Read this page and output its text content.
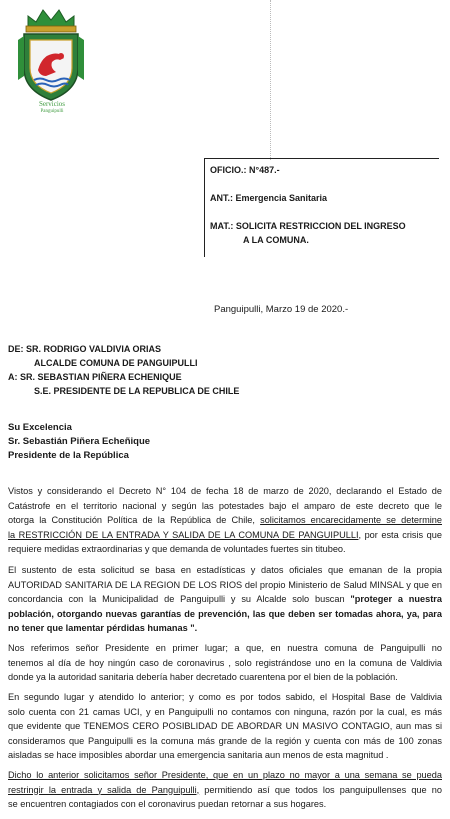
Servicios
Panguipulli
OFICIO.: N°487.-
ANT.: Emergencia Sanitaria
MAT.: SOLICITA RESTRICCION DEL INGRESO
A LA COMUNA.
Panguipulli, Marzo 19 de 2020.-
DE: SR. RODRIGO VALDIVIA ORIAS
ALCALDE COMUNA DE PANGUIPULLI
A: SR. SEBASTIAN PIÑERA ECHENIQUE
S.E. PRESIDENTE DE LA REPUBLICA DE CHILE
Su Excelencia
Sr. Sebastián Piñera Echeñique
Presidente de la República
Vistos y considerando el Decreto N° 104 de fecha 18 de marzo de 2020, declarando el Estado de
Catástrofe en el territorio nacional y según las potestades bajo el amparo de este decreto que le
otorga la Constitución Política de la República de Chile, solicitamos encarecidamente se determine
la RESTRICCIÓN DE LA ENTRADA Y SALIDA DE LA COMUNA DE PANGUIPULLI, por esta crisis que
requiere medidas extraordinarias y que demanda de voluntades fuertes sin titubeo.
El sustento de esta solicitud se basa en estadísticas y datos oficiales que emanan de la propia
AUTORIDAD SANITARIA DE LA REGION DE LOS RIOS del propio Ministerio de Salud MINSAL y que en
concordancia con la Municipalidad de Panguipulli y su Alcalde solo buscan "proteger a nuestra
población, otorgando nuevas garantías de prevención, las que deben ser tomadas ahora, ya, para
no tener que lamentar pérdidas humanas ".
Nos referimos señor Presidente en primer lugar; a que, en nuestra comuna de Panguipulli no
tenemos al día de hoy ningún caso de coronavirus , solo registrándose uno en la comuna de Valdivia
donde ya la autoridad sanitaria debería haber decretado cuarentena por el bien de la población.
En segundo lugar y atendido lo anterior; y como es por todos sabido, el Hospital Base de Valdivia
solo cuenta con 21 camas UCI, y en Panguipulli no contamos con ninguna, razón por la cual, es más
que evidente que TENEMOS CERO POSIBLIDAD DE ABORDAR UN MASIVO CONTAGIO, aun mas si
consideramos que Panguipulli es la comuna más grande de la región y cuenta con más de 100 zonas
aisladas se hace imposibles abordar una emergencia sanitaria aun menos de esta magnitud .
Dicho lo anterior solicitamos señor Presidente, que en un plazo no mayor a una semana se pueda
restringir la entrada y salida de Panguipulli, permitiendo así que todos los panguipullenses que no
se encuentren contagiados con el coronavirus puedan retornar a sus hogares.
